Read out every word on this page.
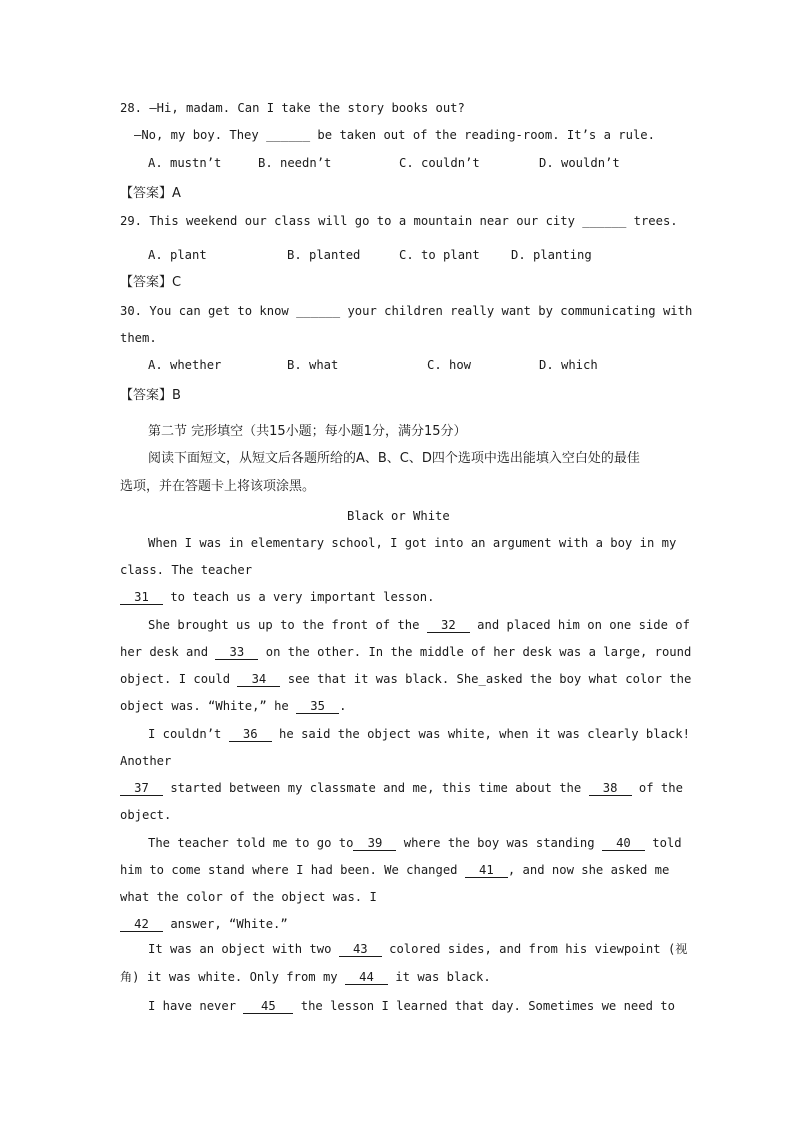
28. —Hi, madam. Can I take the story books out?
—No, my boy. They ______ be taken out of the reading-room. It’s a rule.
A. mustn’t	B. needn’t	C. couldn’t	D. wouldn’t
【答案】A
29. This weekend our class will go to a mountain near our city ______ trees.
A. plant	B. planted	C. to plant	D. planting
【答案】C
30. You can get to know ______ your children really want by communicating with
them.
A. whether	B. what	C. how	D. which
【答案】B
第二节 完形填空（共15小题；每小题1分，满分15分）
阅读下面短文，从短文后各题所给的A、B、C、D四个选项中选出能填入空白处的最佳
选项，并在答题卡上将该项涂黑。
Black or White
When I was in elementary school, I got into an argument with a boy in my
class. The teacher
31 to teach us a very important lesson.
She brought us up to the front of the 32 and placed him on one side of
her desk and 33 on the other. In the middle of her desk was a large, round
object. I could 34 see that it was black. She_asked the boy what color the
object was. “White,” he 35 .
I couldn’t 36 he said the object was white, when it was clearly black!
Another
37 started between my classmate and me, this time about the 38 of the
object.
The teacher told me to go to 39 where the boy was standing 40 told
him to come stand where I had been. We changed 41 , and now she asked me
what the color of the object was. I
42 answer, “White.”
It was an object with two 43 colored sides, and from his viewpoint (视
角) it was white. Only from my 44 it was black.
I have never 45 the lesson I learned that day. Sometimes we need to
